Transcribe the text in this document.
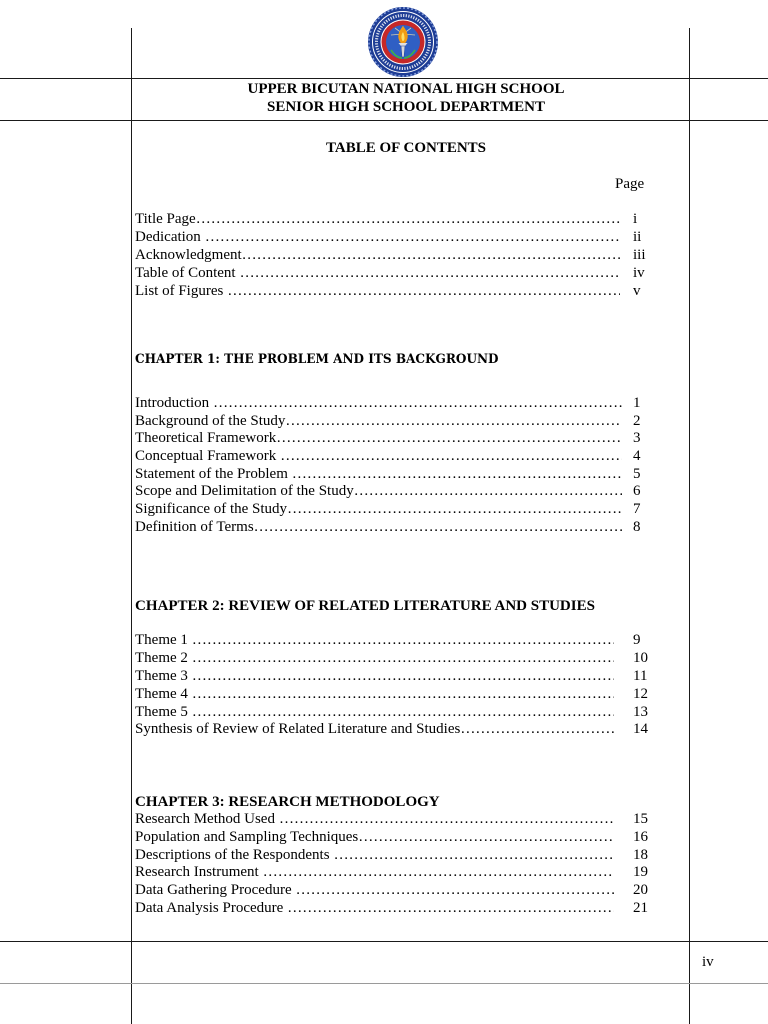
UPPER BICUTAN NATIONAL HIGH SCHOOL
SENIOR HIGH SCHOOL DEPARTMENT
TABLE OF CONTENTS
Page
Title Page …………………………………………………………………………………………………………………………	i
Dedication …………………………………………………………………………………………………………………………	ii
Acknowledgment …………………………………………………………………………………………………………………………	iii
Table of Content …………………………………………………………………………………………………………………………	iv
List of Figures …………………………………………………………………………………………………………………………	v
CHAPTER 1: THE PROBLEM AND ITS BACKGROUND
Introduction …………………………………………………………………………………………………………………………	1
Background of the Study …………………………………………………………………………………………………………………………	2
Theoretical Framework …………………………………………………………………………………………………………………………	3
Conceptual Framework …………………………………………………………………………………………………………………………	4
Statement of the Problem …………………………………………………………………………………………………………………………	5
Scope and Delimitation of the Study …………………………………………………………………………………………………………………………	6
Significance of the Study …………………………………………………………………………………………………………………………	7
Definition of Terms …………………………………………………………………………………………………………………………	8
CHAPTER 2: REVIEW OF RELATED LITERATURE AND STUDIES
Theme 1 …………………………………………………………………………………………………………………………	9
Theme 2 …………………………………………………………………………………………………………………………	10
Theme 3 …………………………………………………………………………………………………………………………	11
Theme 4 …………………………………………………………………………………………………………………………	12
Theme 5 …………………………………………………………………………………………………………………………	13
Synthesis of Review of Related Literature and Studies …………………………………………………………………………………………………………………………	14
CHAPTER 3: RESEARCH METHODOLOGY
Research Method Used …………………………………………………………………………………………………………………………	15
Population and Sampling Techniques …………………………………………………………………………………………………………………………	16
Descriptions of the Respondents …………………………………………………………………………………………………………………………	18
Research Instrument …………………………………………………………………………………………………………………………	19
Data Gathering Procedure …………………………………………………………………………………………………………………………	20
Data Analysis Procedure …………………………………………………………………………………………………………………………	21
iv
